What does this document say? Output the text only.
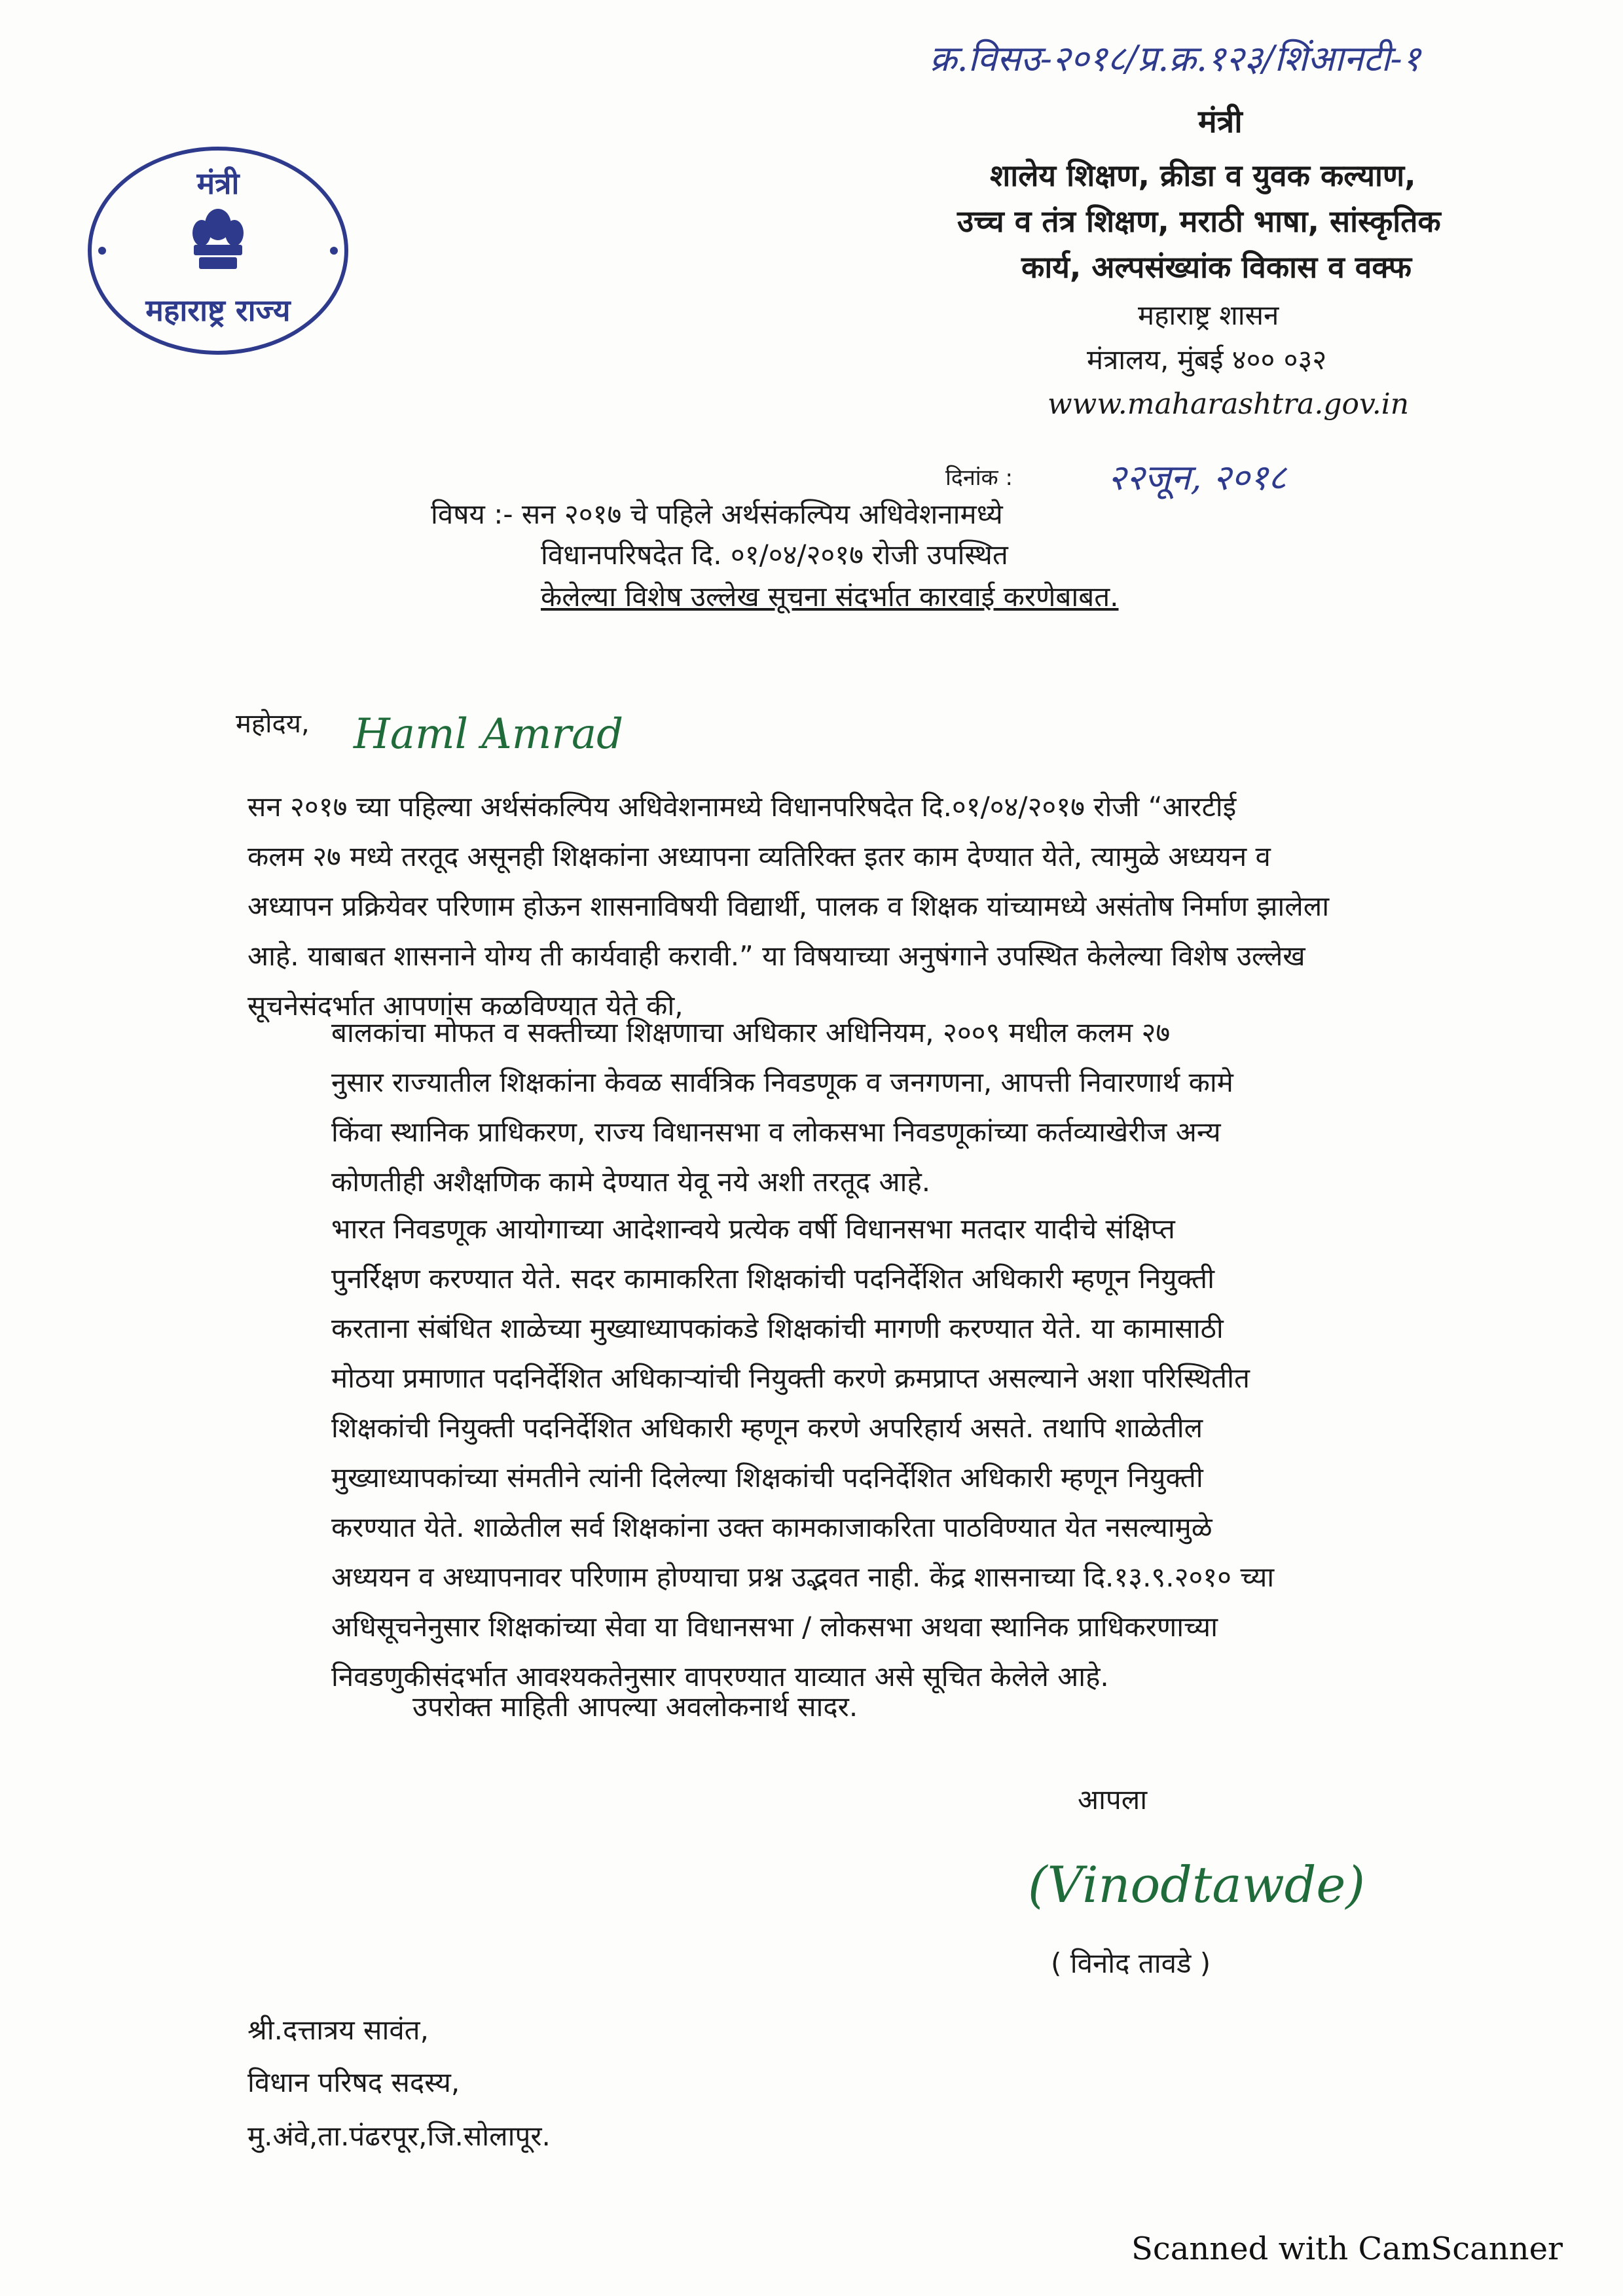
मंत्री
महाराष्ट्र राज्य
क्र.विसउ-२०१८/प्र.क्र.१२३/शिंआनटी-१
मंत्री
शालेय शिक्षण, क्रीडा व युवक कल्याण,
उच्च व तंत्र शिक्षण, मराठी भाषा, सांस्कृतिक
कार्य, अल्पसंख्यांक विकास व वक्फ
महाराष्ट्र शासन
मंत्रालय, मुंबई ४०० ०३२
www.maharashtra.gov.in
दिनांक :	२२जून, २०१८
विषय :- सन २०१७ चे पहिले अर्थसंकल्पिय अधिवेशनामध्ये
विधानपरिषदेत दि. ०१/०४/२०१७ रोजी उपस्थित
केलेल्या विशेष उल्लेख सूचना संदर्भात कारवाई करणेबाबत.
महोदय, Haml Amrad
सन २०१७ च्या पहिल्या अर्थसंकल्पिय अधिवेशनामध्ये विधानपरिषदेत दि.०१/०४/२०१७ रोजी “आरटीई
कलम २७ मध्ये तरतूद असूनही शिक्षकांना अध्यापना व्यतिरिक्त इतर काम देण्यात येते, त्यामुळे अध्ययन व
अध्यापन प्रक्रियेवर परिणाम होऊन शासनाविषयी विद्यार्थी, पालक व शिक्षक यांच्यामध्ये असंतोष निर्माण झालेला
आहे. याबाबत शासनाने योग्य ती कार्यवाही करावी.” या विषयाच्या अनुषंगाने उपस्थित केलेल्या विशेष उल्लेख
सूचनेसंदर्भात आपणांस कळविण्यात येते की,
बालकांचा मोफत व सक्तीच्या शिक्षणाचा अधिकार अधिनियम, २००९ मधील कलम २७
नुसार राज्यातील शिक्षकांना केवळ सार्वत्रिक निवडणूक व जनगणना, आपत्ती निवारणार्थ कामे
किंवा स्थानिक प्राधिकरण, राज्य विधानसभा व लोकसभा निवडणूकांच्या कर्तव्याखेरीज अन्य
कोणतीही अशैक्षणिक कामे देण्यात येवू नये अशी तरतूद आहे.
भारत निवडणूक आयोगाच्या आदेशान्वये प्रत्येक वर्षी विधानसभा मतदार यादीचे संक्षिप्त
पुनर्रिक्षण करण्यात येते. सदर कामाकरिता शिक्षकांची पदनिर्देशित अधिकारी म्हणून नियुक्ती
करताना संबंधित शाळेच्या मुख्याध्यापकांकडे शिक्षकांची मागणी करण्यात येते. या कामासाठी
मोठया प्रमाणात पदनिर्देशित अधिकाऱ्यांची नियुक्ती करणे क्रमप्राप्त असल्याने अशा परिस्थितीत
शिक्षकांची नियुक्ती पदनिर्देशित अधिकारी म्हणून करणे अपरिहार्य असते. तथापि शाळेतील
मुख्याध्यापकांच्या संमतीने त्यांनी दिलेल्या शिक्षकांची पदनिर्देशित अधिकारी म्हणून नियुक्ती
करण्यात येते. शाळेतील सर्व शिक्षकांना उक्त कामकाजाकरिता पाठविण्यात येत नसल्यामुळे
अध्ययन व अध्यापनावर परिणाम होण्याचा प्रश्न उद्भवत नाही. केंद्र शासनाच्या दि.१३.९.२०१० च्या
अधिसूचनेनुसार शिक्षकांच्या सेवा या विधानसभा / लोकसभा अथवा स्थानिक प्राधिकरणाच्या
निवडणुकीसंदर्भात आवश्यकतेनुसार वापरण्यात याव्यात असे सूचित केलेले आहे.
उपरोक्त माहिती आपल्या अवलोकनार्थ सादर.
आपला
(Vinodtawde)
( विनोद तावडे )
श्री.दत्तात्रय सावंत,
विधान परिषद सदस्य,
मु.अंवे,ता.पंढरपूर,जि.सोलापूर.
Scanned with CamScanner
